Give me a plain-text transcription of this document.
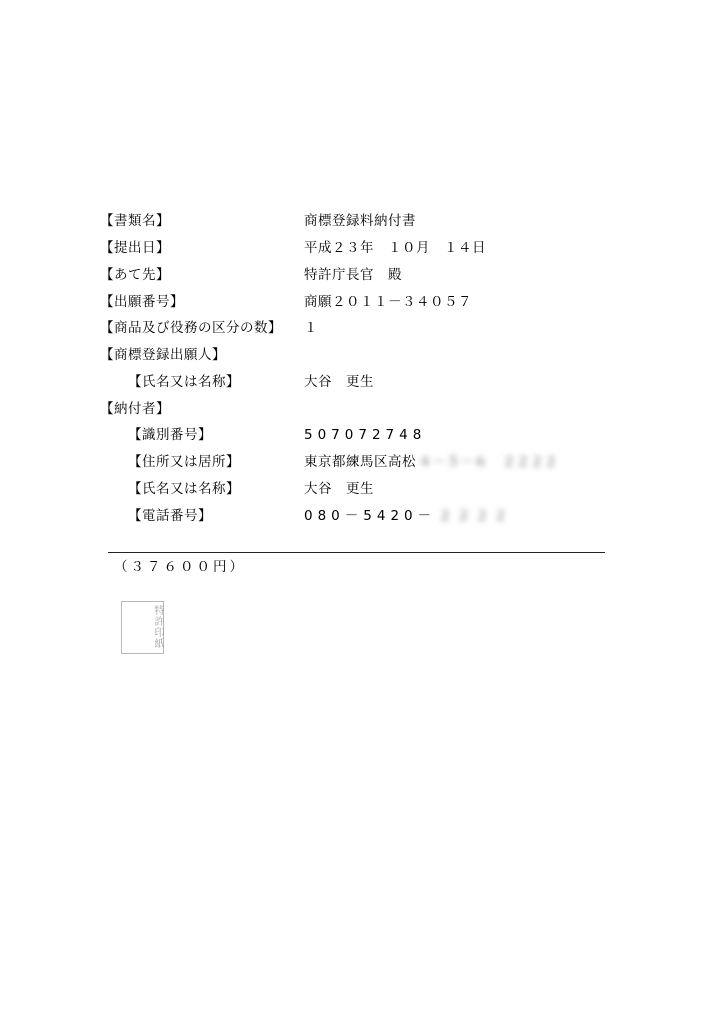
【書類名】	商標登録料納付書
【提出日】	平成２３年　１０月　１４日
【あて先】	特許庁長官　殿
【出願番号】	商願２０１１－３４０５７
【商品及び役務の区分の数】 １
【商標登録出願人】
【氏名又は名称】	大谷　更生
【納付者】
【識別番号】	507072748
【住所又は居所】	東京都練馬区高松 ４－５－６　２２２２
【氏名又は名称】	大谷　更生
【電話番号】	080－5420－ ２２２２
（３７６００円）
特許印紙
